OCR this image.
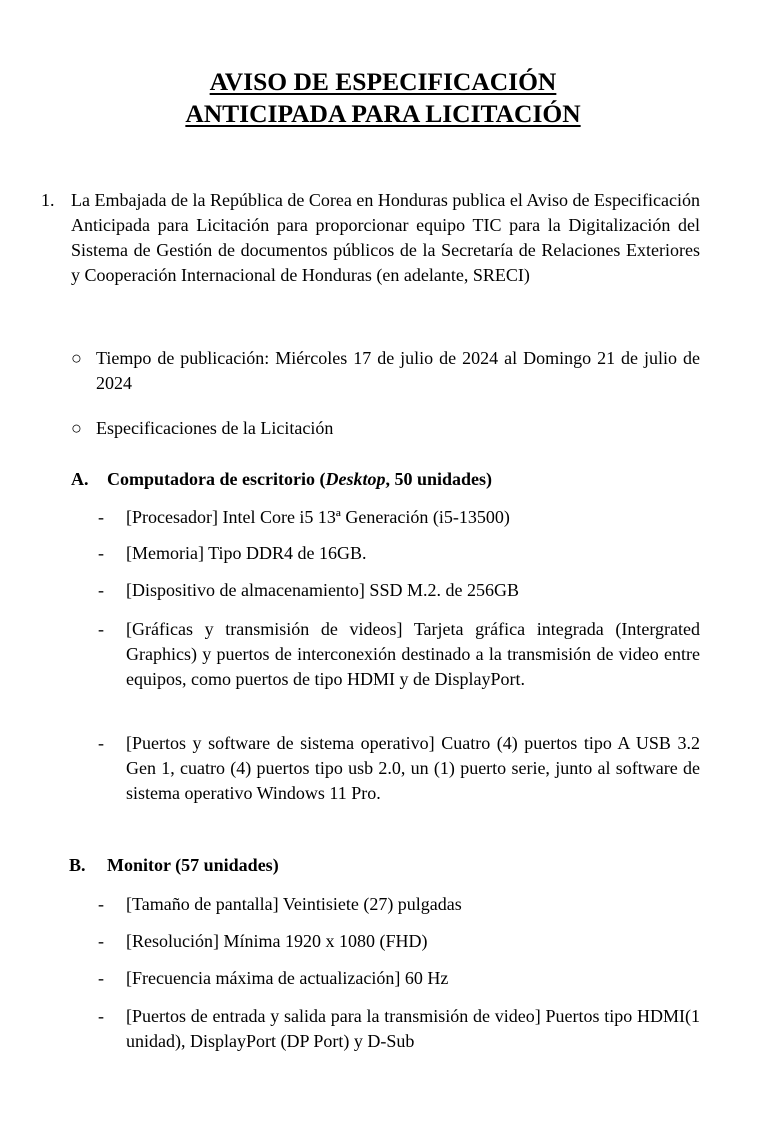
AVISO DE ESPECIFICACIÓN
ANTICIPADA PARA LICITACIÓN
1. La Embajada de la República de Corea en Honduras publica el Aviso de Especificación Anticipada para Licitación para proporcionar equipo TIC para la Digitalización del Sistema de Gestión de documentos públicos de la Secretaría de Relaciones Exteriores y Cooperación Internacional de Honduras (en adelante, SRECI)
○ Tiempo de publicación: Miércoles 17 de julio de 2024 al Domingo 21 de julio de 2024
○ Especificaciones de la Licitación
A. Computadora de escritorio (Desktop, 50 unidades)
- [Procesador] Intel Core i5 13ª Generación (i5-13500)
- [Memoria] Tipo DDR4 de 16GB.
- [Dispositivo de almacenamiento] SSD M.2. de 256GB
- [Gráficas y transmisión de videos] Tarjeta gráfica integrada (Intergrated Graphics) y puertos de interconexión destinado a la transmisión de video entre equipos, como puertos de tipo HDMI y de DisplayPort.
- [Puertos y software de sistema operativo] Cuatro (4) puertos tipo A USB 3.2 Gen 1, cuatro (4) puertos tipo usb 2.0, un (1) puerto serie, junto al software de sistema operativo Windows 11 Pro.
B. Monitor (57 unidades)
- [Tamaño de pantalla] Veintisiete (27) pulgadas
- [Resolución] Mínima 1920 x 1080 (FHD)
- [Frecuencia máxima de actualización] 60 Hz
- [Puertos de entrada y salida para la transmisión de video] Puertos tipo HDMI(1 unidad), DisplayPort (DP Port) y D-Sub
